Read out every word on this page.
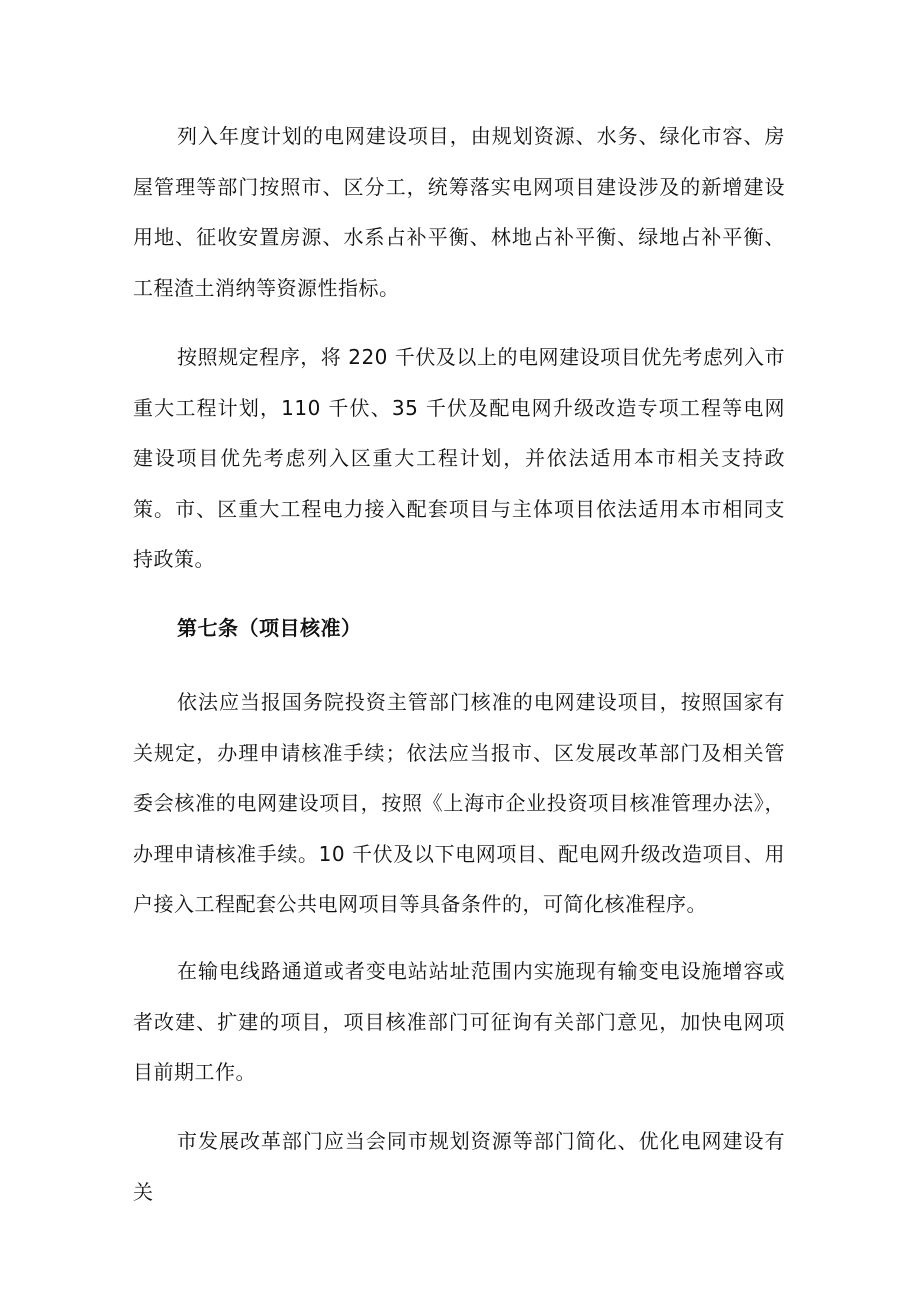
列入年度计划的电网建设项目，由规划资源、水务、绿化市容、房屋管理等部门按照市、区分工，统筹落实电网项目建设涉及的新增建设用地、征收安置房源、水系占补平衡、林地占补平衡、绿地占补平衡、工程渣土消纳等资源性指标。

按照规定程序，将 220 千伏及以上的电网建设项目优先考虑列入市重大工程计划，110 千伏、35 千伏及配电网升级改造专项工程等电网建设项目优先考虑列入区重大工程计划，并依法适用本市相关支持政策。市、区重大工程电力接入配套项目与主体项目依法适用本市相同支持政策。

第七条（项目核准）

依法应当报国务院投资主管部门核准的电网建设项目，按照国家有关规定，办理申请核准手续；依法应当报市、区发展改革部门及相关管委会核准的电网建设项目，按照《上海市企业投资项目核准管理办法》，办理申请核准手续。10 千伏及以下电网项目、配电网升级改造项目、用户接入工程配套公共电网项目等具备条件的，可简化核准程序。

在输电线路通道或者变电站站址范围内实施现有输变电设施增容或者改建、扩建的项目，项目核准部门可征询有关部门意见，加快电网项目前期工作。

市发展改革部门应当会同市规划资源等部门简化、优化电网建设有关
